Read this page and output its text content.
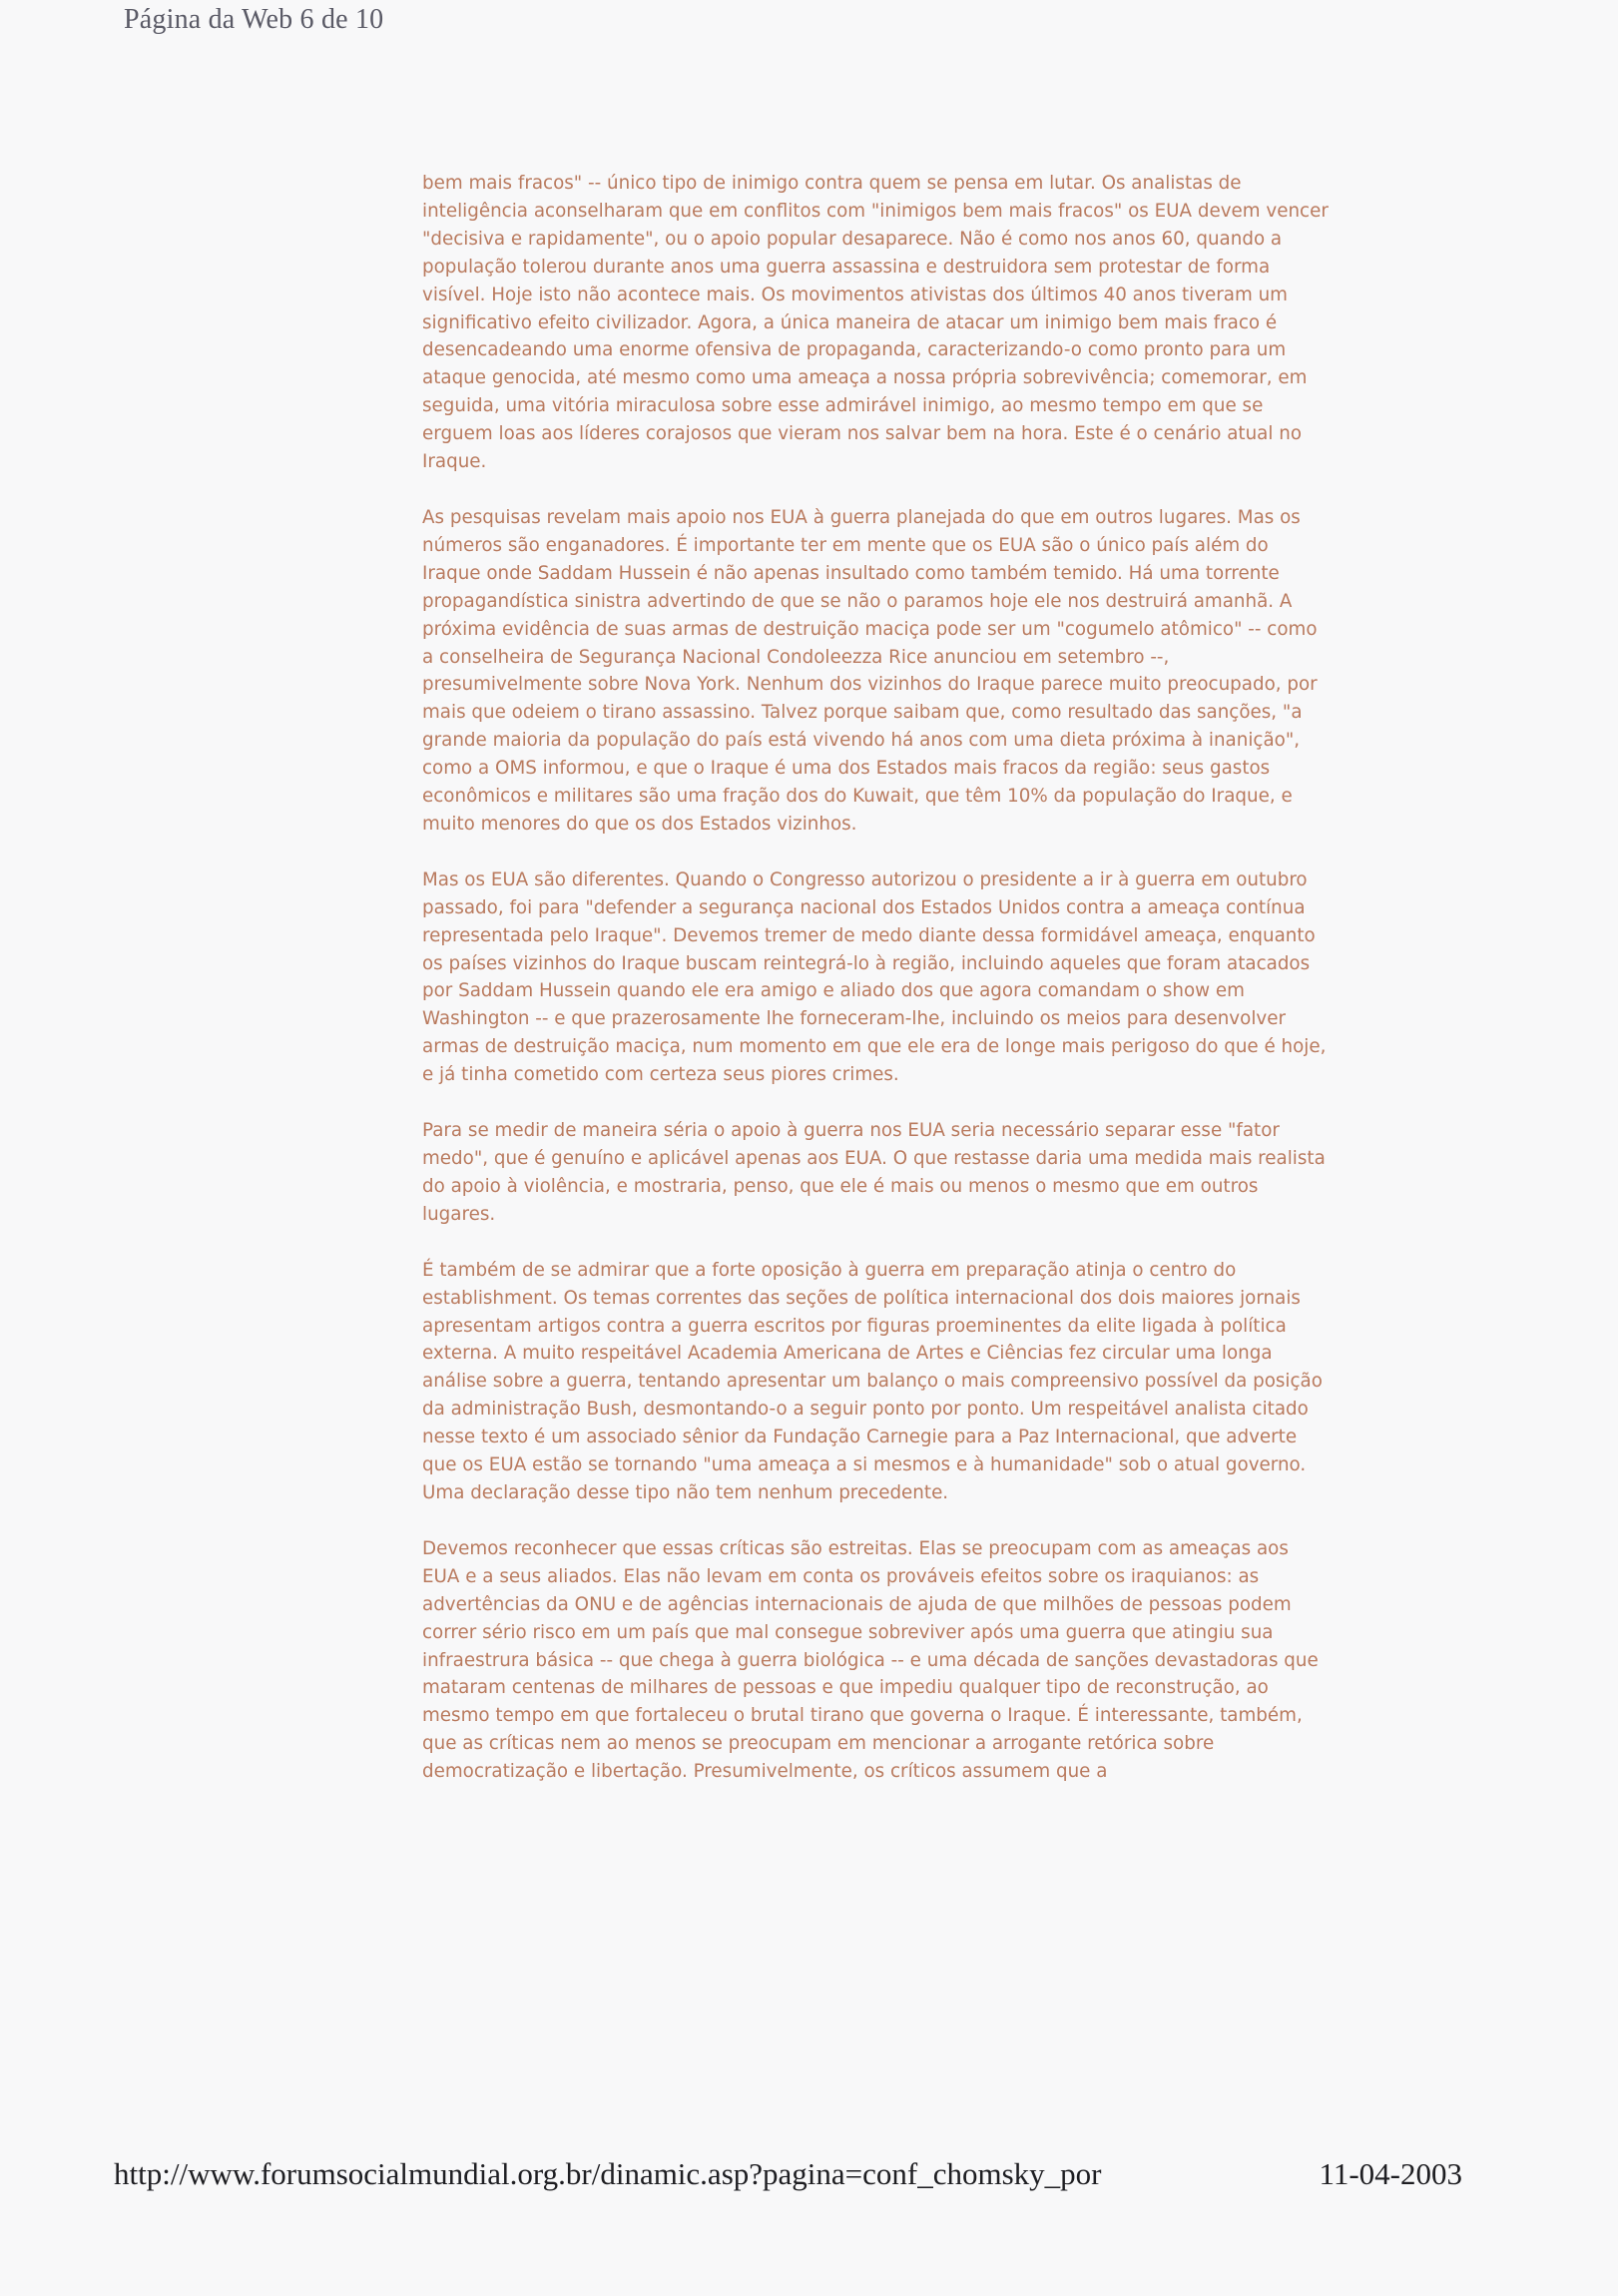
Página da Web 6 de 10

bem mais fracos" -- único tipo de inimigo contra quem se pensa em lutar. Os analistas de inteligência aconselharam que em conflitos com "inimigos bem mais fracos" os EUA devem vencer "decisiva e rapidamente", ou o apoio popular desaparece. Não é como nos anos 60, quando a população tolerou durante anos uma guerra assassina e destruidora sem protestar de forma visível. Hoje isto não acontece mais. Os movimentos ativistas dos últimos 40 anos tiveram um significativo efeito civilizador. Agora, a única maneira de atacar um inimigo bem mais fraco é desencadeando uma enorme ofensiva de propaganda, caracterizando-o como pronto para um ataque genocida, até mesmo como uma ameaça a nossa própria sobrevivência; comemorar, em seguida, uma vitória miraculosa sobre esse admirável inimigo, ao mesmo tempo em que se erguem loas aos líderes corajosos que vieram nos salvar bem na hora. Este é o cenário atual no Iraque.

As pesquisas revelam mais apoio nos EUA à guerra planejada do que em outros lugares. Mas os números são enganadores. É importante ter em mente que os EUA são o único país além do Iraque onde Saddam Hussein é não apenas insultado como também temido. Há uma torrente propagandística sinistra advertindo de que se não o paramos hoje ele nos destruirá amanhã. A próxima evidência de suas armas de destruição maciça pode ser um "cogumelo atômico" -- como a conselheira de Segurança Nacional Condoleezza Rice anunciou em setembro --, presumivelmente sobre Nova York. Nenhum dos vizinhos do Iraque parece muito preocupado, por mais que odeiem o tirano assassino. Talvez porque saibam que, como resultado das sanções, "a grande maioria da população do país está vivendo há anos com uma dieta próxima à inanição", como a OMS informou, e que o Iraque é uma dos Estados mais fracos da região: seus gastos econômicos e militares são uma fração dos do Kuwait, que têm 10% da população do Iraque, e muito menores do que os dos Estados vizinhos.

Mas os EUA são diferentes. Quando o Congresso autorizou o presidente a ir à guerra em outubro passado, foi para "defender a segurança nacional dos Estados Unidos contra a ameaça contínua representada pelo Iraque". Devemos tremer de medo diante dessa formidável ameaça, enquanto os países vizinhos do Iraque buscam reintegrá-lo à região, incluindo aqueles que foram atacados por Saddam Hussein quando ele era amigo e aliado dos que agora comandam o show em Washington -- e que prazerosamente lhe forneceram-lhe, incluindo os meios para desenvolver armas de destruição maciça, num momento em que ele era de longe mais perigoso do que é hoje, e já tinha cometido com certeza seus piores crimes.

Para se medir de maneira séria o apoio à guerra nos EUA seria necessário separar esse "fator medo", que é genuíno e aplicável apenas aos EUA. O que restasse daria uma medida mais realista do apoio à violência, e mostraria, penso, que ele é mais ou menos o mesmo que em outros lugares.

É também de se admirar que a forte oposição à guerra em preparação atinja o centro do establishment. Os temas correntes das seções de política internacional dos dois maiores jornais apresentam artigos contra a guerra escritos por figuras proeminentes da elite ligada à política externa. A muito respeitável Academia Americana de Artes e Ciências fez circular uma longa análise sobre a guerra, tentando apresentar um balanço o mais compreensivo possível da posição da administração Bush, desmontando-o a seguir ponto por ponto. Um respeitável analista citado nesse texto é um associado sênior da Fundação Carnegie para a Paz Internacional, que adverte que os EUA estão se tornando "uma ameaça a si mesmos e à humanidade" sob o atual governo. Uma declaração desse tipo não tem nenhum precedente.

Devemos reconhecer que essas críticas são estreitas. Elas se preocupam com as ameaças aos EUA e a seus aliados. Elas não levam em conta os prováveis efeitos sobre os iraquianos: as advertências da ONU e de agências internacionais de ajuda de que milhões de pessoas podem correr sério risco em um país que mal consegue sobreviver após uma guerra que atingiu sua infraestrura básica -- que chega à guerra biológica -- e uma década de sanções devastadoras que mataram centenas de milhares de pessoas e que impediu qualquer tipo de reconstrução, ao mesmo tempo em que fortaleceu o brutal tirano que governa o Iraque. É interessante, também, que as críticas nem ao menos se preocupam em mencionar a arrogante retórica sobre democratização e libertação. Presumivelmente, os críticos assumem que a

http://www.forumsocialmundial.org.br/dinamic.asp?pagina=conf_chomsky_por	11-04-2003
